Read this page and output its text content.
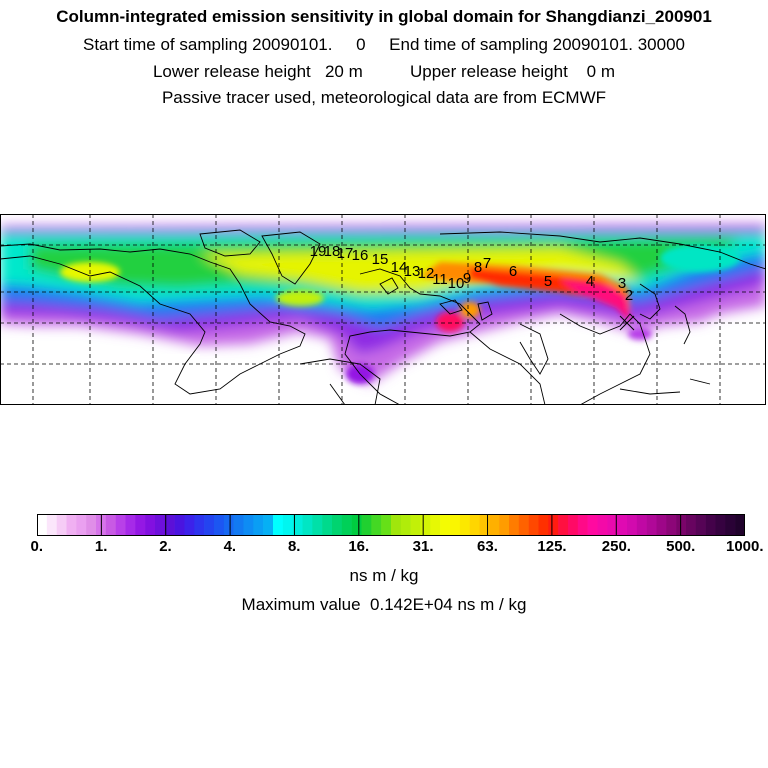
Column-integrated emission sensitivity in global domain for Shangdianzi_200901
Start time of sampling 20090101.     0     End time of sampling 20090101. 30000
Lower release height   20 m          Upper release height    0 m
Passive tracer used, meteorological data are from ECMWF
19
18
17
16 15 14
13
12
11 10
9
8 7 6
5 4 3
2
0.	1.	2.	4.	8.	16.	31.	63.	125. 250. 500. 1000.
ns m / kg
Maximum value  0.142E+04 ns m / kg
